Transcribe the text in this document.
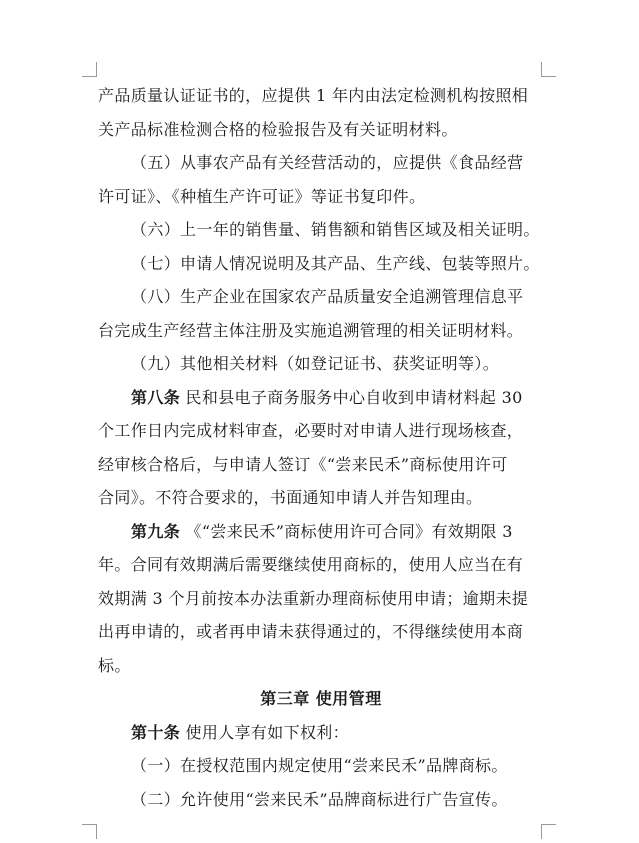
产品质量认证证书的，应提供 1 年内由法定检测机构按照相
关产品标准检测合格的检验报告及有关证明材料。

（五）从事农产品有关经营活动的，应提供《食品经营
许可证》、《种植生产许可证》等证书复印件。

（六）上一年的销售量、销售额和销售区域及相关证明。

（七）申请人情况说明及其产品、生产线、包装等照片。

（八）生产企业在国家农产品质量安全追溯管理信息平
台完成生产经营主体注册及实施追溯管理的相关证明材料。

（九）其他相关材料（如登记证书、获奖证明等）。

第八条 民和县电子商务服务中心自收到申请材料起 30
个工作日内完成材料审查，必要时对申请人进行现场核查，
经审核合格后，与申请人签订《“尝来民禾”商标使用许可
合同》。不符合要求的，书面通知申请人并告知理由。

第九条 《“尝来民禾”商标使用许可合同》有效期限 3
年。合同有效期满后需要继续使用商标的，使用人应当在有
效期满 3 个月前按本办法重新办理商标使用申请；逾期未提
出再申请的，或者再申请未获得通过的，不得继续使用本商
标。

第三章 使用管理

第十条 使用人享有如下权利：

（一）在授权范围内规定使用“尝来民禾”品牌商标。

（二）允许使用“尝来民禾”品牌商标进行广告宣传。
